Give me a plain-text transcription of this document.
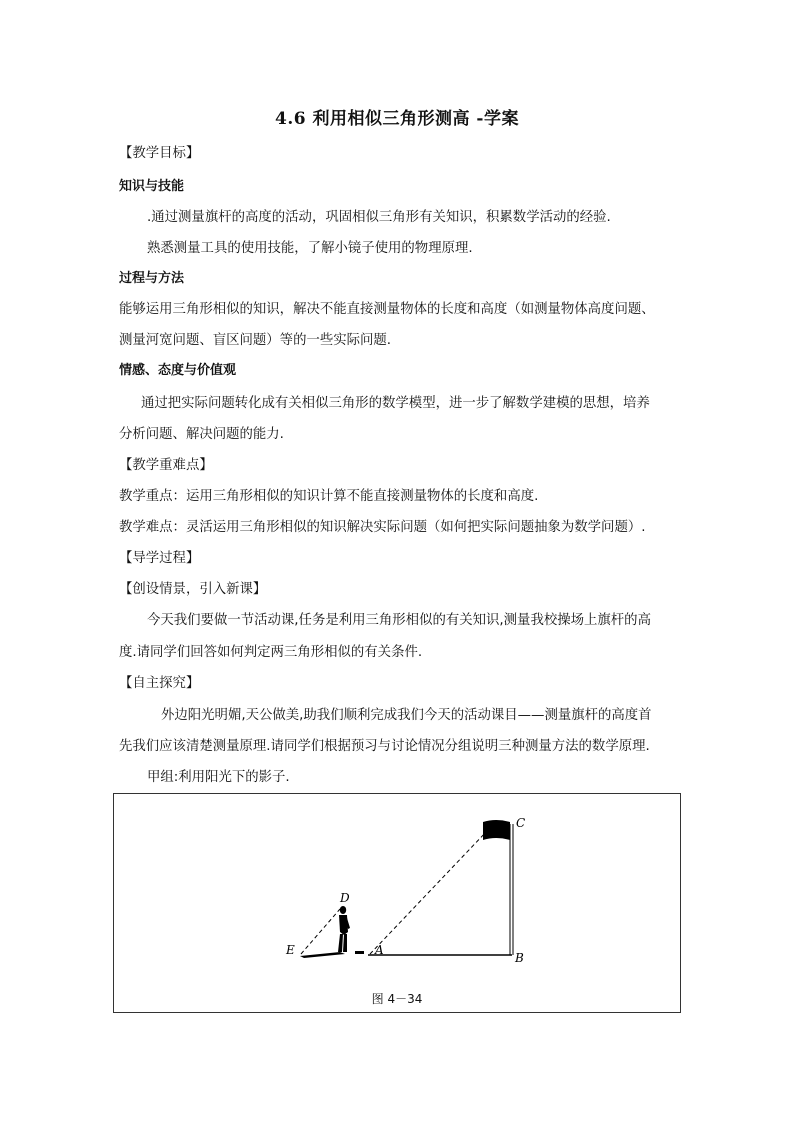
4.6 利用相似三角形测高 -学案
【教学目标】
知识与技能
.通过测量旗杆的高度的活动，巩固相似三角形有关知识，积累数学活动的经验.
熟悉测量工具的使用技能，了解小镜子使用的物理原理.
过程与方法
能够运用三角形相似的知识，解决不能直接测量物体的长度和高度（如测量物体高度问题、
测量河宽问题、盲区问题）等的一些实际问题.
情感、态度与价值观
通过把实际问题转化成有关相似三角形的数学模型，进一步了解数学建模的思想，培养
分析问题、解决问题的能力.
【教学重难点】
教学重点：运用三角形相似的知识计算不能直接测量物体的长度和高度.
教学难点：灵活运用三角形相似的知识解决实际问题（如何把实际问题抽象为数学问题）.
【导学过程】
【创设情景，引入新课】
今天我们要做一节活动课,任务是利用三角形相似的有关知识,测量我校操场上旗杆的高
度.请同学们回答如何判定两三角形相似的有关条件.
【自主探究】
外边阳光明媚,天公做美,助我们顺利完成我们今天的活动课目——测量旗杆的高度首
先我们应该清楚测量原理.请同学们根据预习与讨论情况分组说明三种测量方法的数学原理.
甲组:利用阳光下的影子.
C
D
E	A
B
图 4－34
